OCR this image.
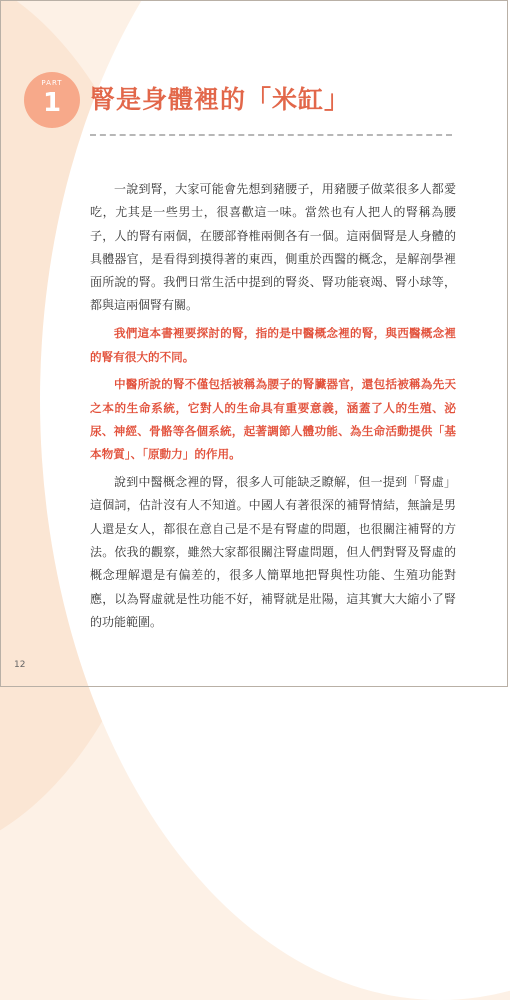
PART
1	腎是身體裡的「米缸」

一說到腎，大家可能會先想到豬腰子，用豬腰子做菜很多人都愛吃，尤其是一些男士，很喜歡這一味。當然也有人把人的腎稱為腰子，人的腎有兩個，在腰部脊椎兩側各有一個。這兩個腎是人身體的具體器官，是看得到摸得著的東西，側重於西醫的概念，是解剖學裡面所說的腎。我們日常生活中提到的腎炎、腎功能衰竭、腎小球等，都與這兩個腎有關。

我們這本書裡要探討的腎，指的是中醫概念裡的腎，與西醫概念裡的腎有很大的不同。

中醫所說的腎不僅包括被稱為腰子的腎臟器官，還包括被稱為先天之本的生命系統，它對人的生命具有重要意義，涵蓋了人的生殖、泌尿、神經、骨骼等各個系統，起著調節人體功能、為生命活動提供「基本物質」、「原動力」的作用。

說到中醫概念裡的腎，很多人可能缺乏瞭解，但一提到「腎虛」這個詞，估計沒有人不知道。中國人有著很深的補腎情結，無論是男人還是女人，都很在意自己是不是有腎虛的問題，也很關注補腎的方法。依我的觀察，雖然大家都很關注腎虛問題，但人們對腎及腎虛的概念理解還是有偏差的，很多人簡單地把腎與性功能、生殖功能對應，以為腎虛就是性功能不好，補腎就是壯陽，這其實大大縮小了腎的功能範圍。

12
